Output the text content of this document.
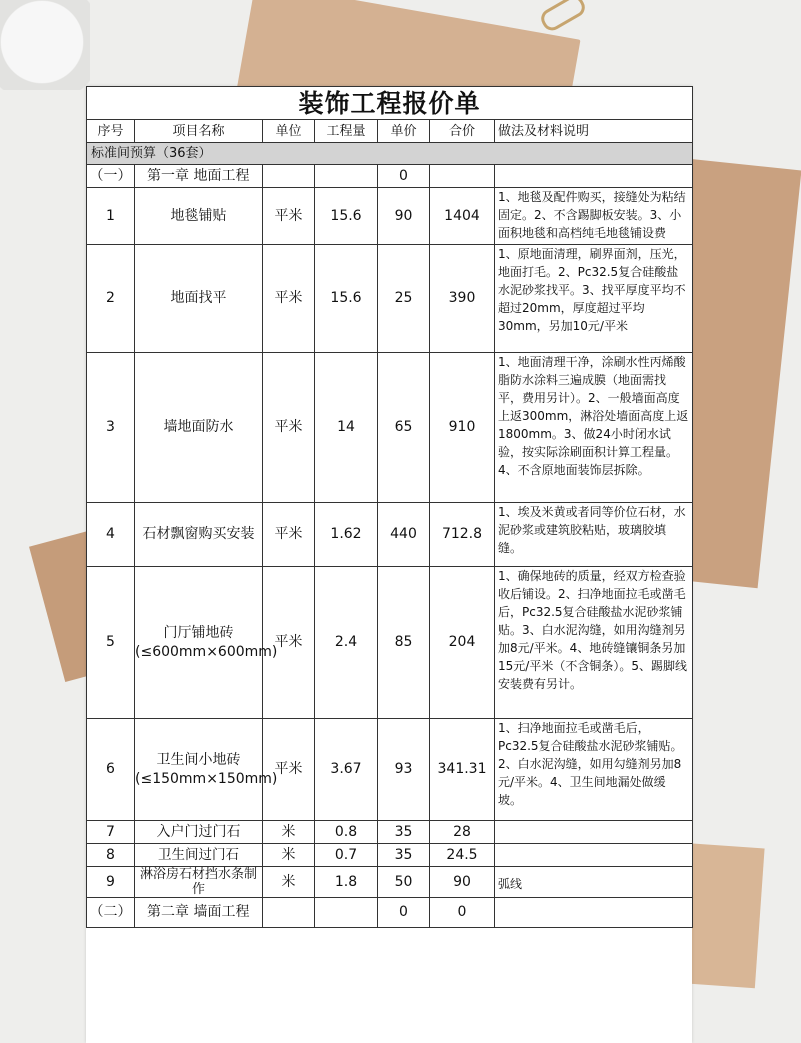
装饰工程报价单						
序号	项目名称	单位	工程量	单价	合价	做法及材料说明
标准间预算（36套）						
（一）	第一章 地面工程			0		
1	地毯铺贴	平米	15.6	90	1404	1、地毯及配件购买，接缝处为粘结固定。2、不含踢脚板安装。3、小面积地毯和高档纯毛地毯铺设费
2	地面找平	平米	15.6	25	390	1、原地面清理，刷界面剂，压光，地面打毛。2、Pc32.5复合硅酸盐水泥砂浆找平。3、找平厚度平均不超过20mm，厚度超过平均30mm，另加10元/平米
3	墙地面防水	平米	14	65	910	1、地面清理干净，涂刷水性丙烯酸脂防水涂料三遍成膜（地面需找平，费用另计）。2、一般墙面高度上返300mm，淋浴处墙面高度上返1800mm。3、做24小时闭水试验，按实际涂刷面积计算工程量。4、不含原地面装饰层拆除。
4	石材飘窗购买安装	平米	1.62	440	712.8	1、埃及米黄或者同等价位石材，水泥砂浆或建筑胶粘贴，玻璃胶填缝。
5	门厅铺地砖(≤600mm×600mm)	平米	2.4	85	204	1、确保地砖的质量，经双方检查验收后铺设。2、扫净地面拉毛或凿毛后，Pc32.5复合硅酸盐水泥砂浆铺贴。3、白水泥沟缝，如用沟缝剂另加8元/平米。4、地砖缝镶铜条另加15元/平米（不含铜条）。5、踢脚线安装费有另计。
6	卫生间小地砖(≤150mm×150mm)	平米	3.67	93	341.31	1、扫净地面拉毛或凿毛后，Pc32.5复合硅酸盐水泥砂浆铺贴。2、白水泥沟缝，如用勾缝剂另加8元/平米。4、卫生间地漏处做缓坡。
7	入户门过门石	米	0.8	35	28	
8	卫生间过门石	米	0.7	35	24.5	
9	淋浴房石材挡水条制作	米	1.8	50	90	弧线
（二）	第二章 墙面工程			0	0	
